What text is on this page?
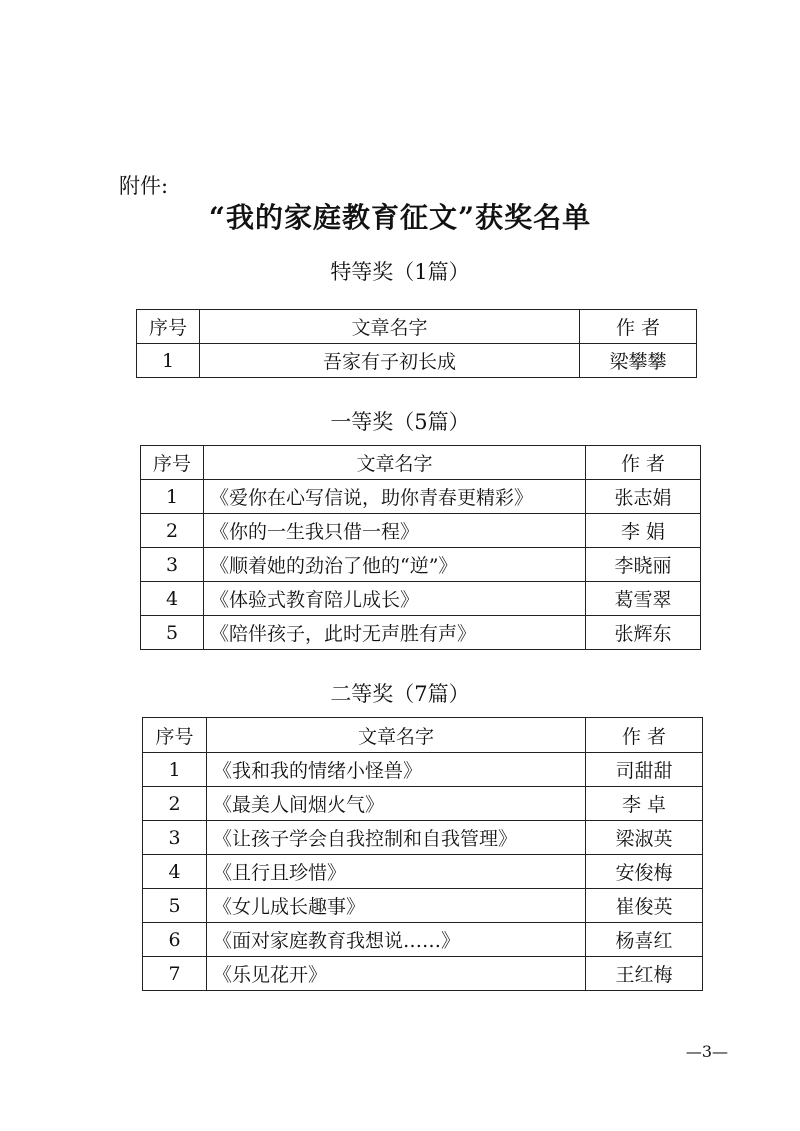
附件:
“我的家庭教育征文”获奖名单
特等奖（1篇）
序号	文章名字	作 者
1	吾家有子初长成	梁攀攀
一等奖（5篇）
序号	文章名字	作 者
1	《爱你在心写信说，助你青春更精彩》	张志娟
2	《你的一生我只借一程》	李 娟
3	《顺着她的劲治了他的“逆”》	李晓丽
4	《体验式教育陪儿成长》	葛雪翠
5	《陪伴孩子，此时无声胜有声》	张辉东
二等奖（7篇）
序号	文章名字	作 者
1	《我和我的情绪小怪兽》	司甜甜
2	《最美人间烟火气》	李 卓
3	《让孩子学会自我控制和自我管理》	梁淑英
4	《且行且珍惜》	安俊梅
5	《女儿成长趣事》	崔俊英
6	《面对家庭教育我想说……》	杨喜红
7	《乐见花开》	王红梅
—3—
